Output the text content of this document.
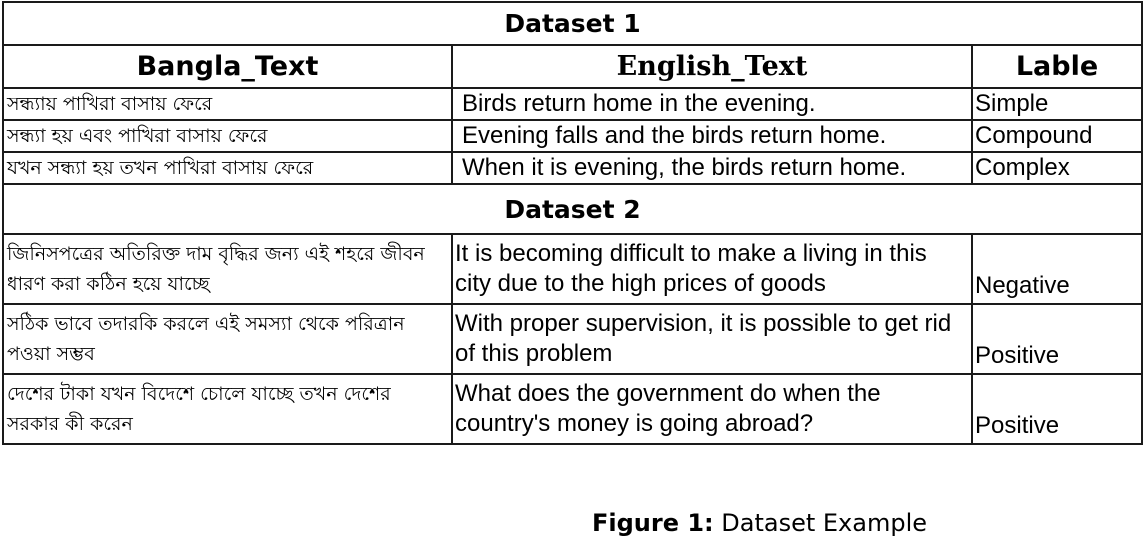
Dataset 1		
Bangla_Text	English_Text	Lable
সন্ধ্যায় পাখিরা বাসায় ফেরে	Birds return home in the evening.	Simple
সন্ধ্যা হয় এবং পাখিরা বাসায় ফেরে	Evening falls and the birds return home.	Compound
যখন সন্ধ্যা হয় তখন পাখিরা বাসায় ফেরে	When it is evening, the birds return home.	Complex
Dataset 2		
জিনিসপত্রের অতিরিক্ত দাম বৃদ্ধির জন্য এই শহরে জীবন ধারণ করা কঠিন হয়ে যাচ্ছে	It is becoming difficult to make a living in this city due to the high prices of goods	Negative
সঠিক ভাবে তদারকি করলে এই সমস্যা থেকে পরিত্রান পওয়া সম্ভব	With proper supervision, it is possible to get rid of this problem	Positive
দেশের টাকা যখন বিদেশে চোলে যাচ্ছে তখন দেশের সরকার কী করেন	What does the government do when the country's money is going abroad?	Positive
Figure 1: Dataset Example
